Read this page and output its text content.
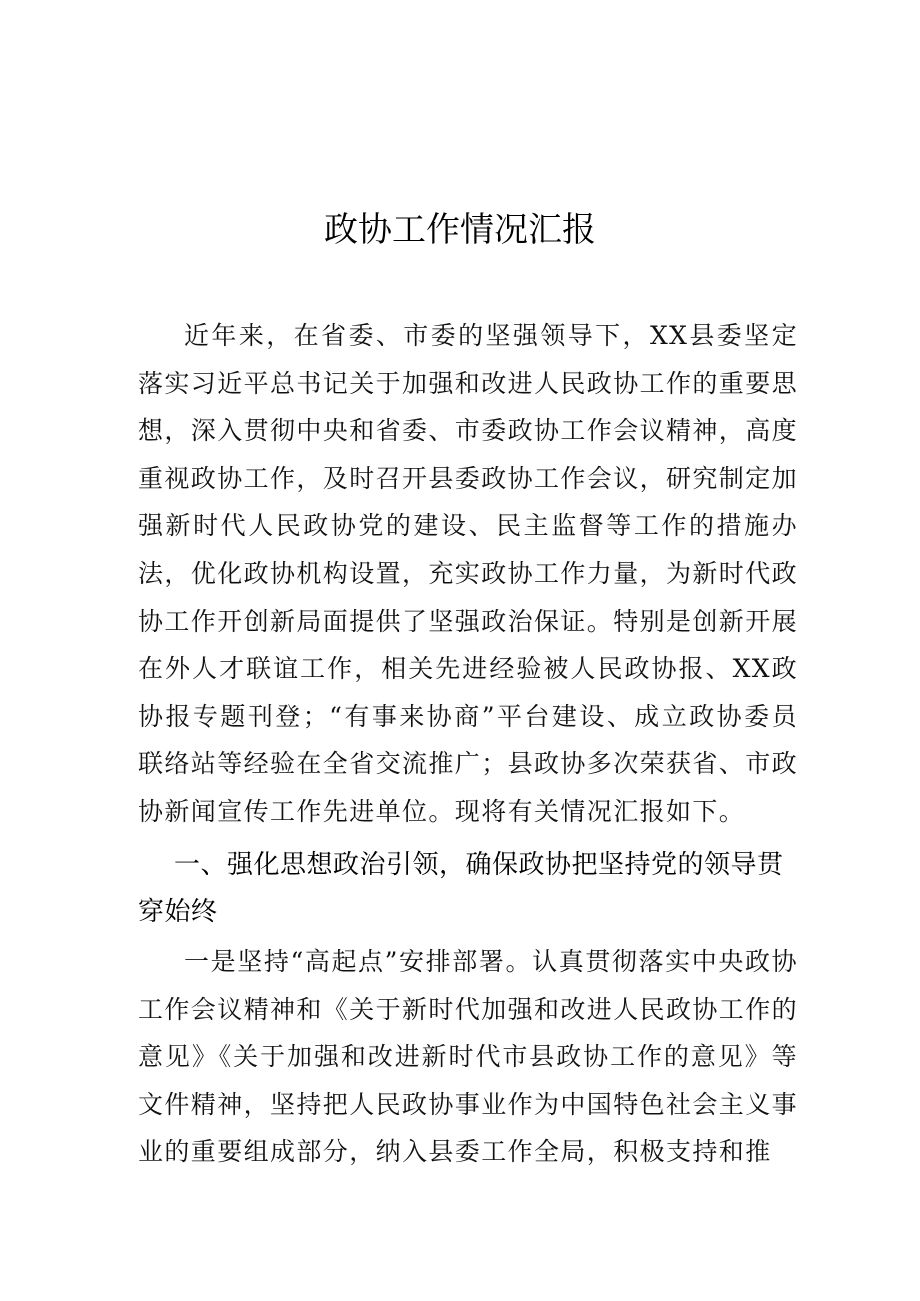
政协工作情况汇报

近年来，在省委、市委的坚强领导下，XX县委坚定落实习近平总书记关于加强和改进人民政协工作的重要思想，深入贯彻中央和省委、市委政协工作会议精神，高度重视政协工作，及时召开县委政协工作会议，研究制定加强新时代人民政协党的建设、民主监督等工作的措施办法，优化政协机构设置，充实政协工作力量，为新时代政协工作开创新局面提供了坚强政治保证。特别是创新开展在外人才联谊工作，相关先进经验被人民政协报、XX政协报专题刊登；“有事来协商”平台建设、成立政协委员联络站等经验在全省交流推广；县政协多次荣获省、市政协新闻宣传工作先进单位。现将有关情况汇报如下。

一、强化思想政治引领，确保政协把坚持党的领导贯穿始终

一是坚持“高起点”安排部署。认真贯彻落实中央政协工作会议精神和《关于新时代加强和改进人民政协工作的意见》《关于加强和改进新时代市县政协工作的意见》等文件精神，坚持把人民政协事业作为中国特色社会主义事业的重要组成部分，纳入县委工作全局，积极支持和推
